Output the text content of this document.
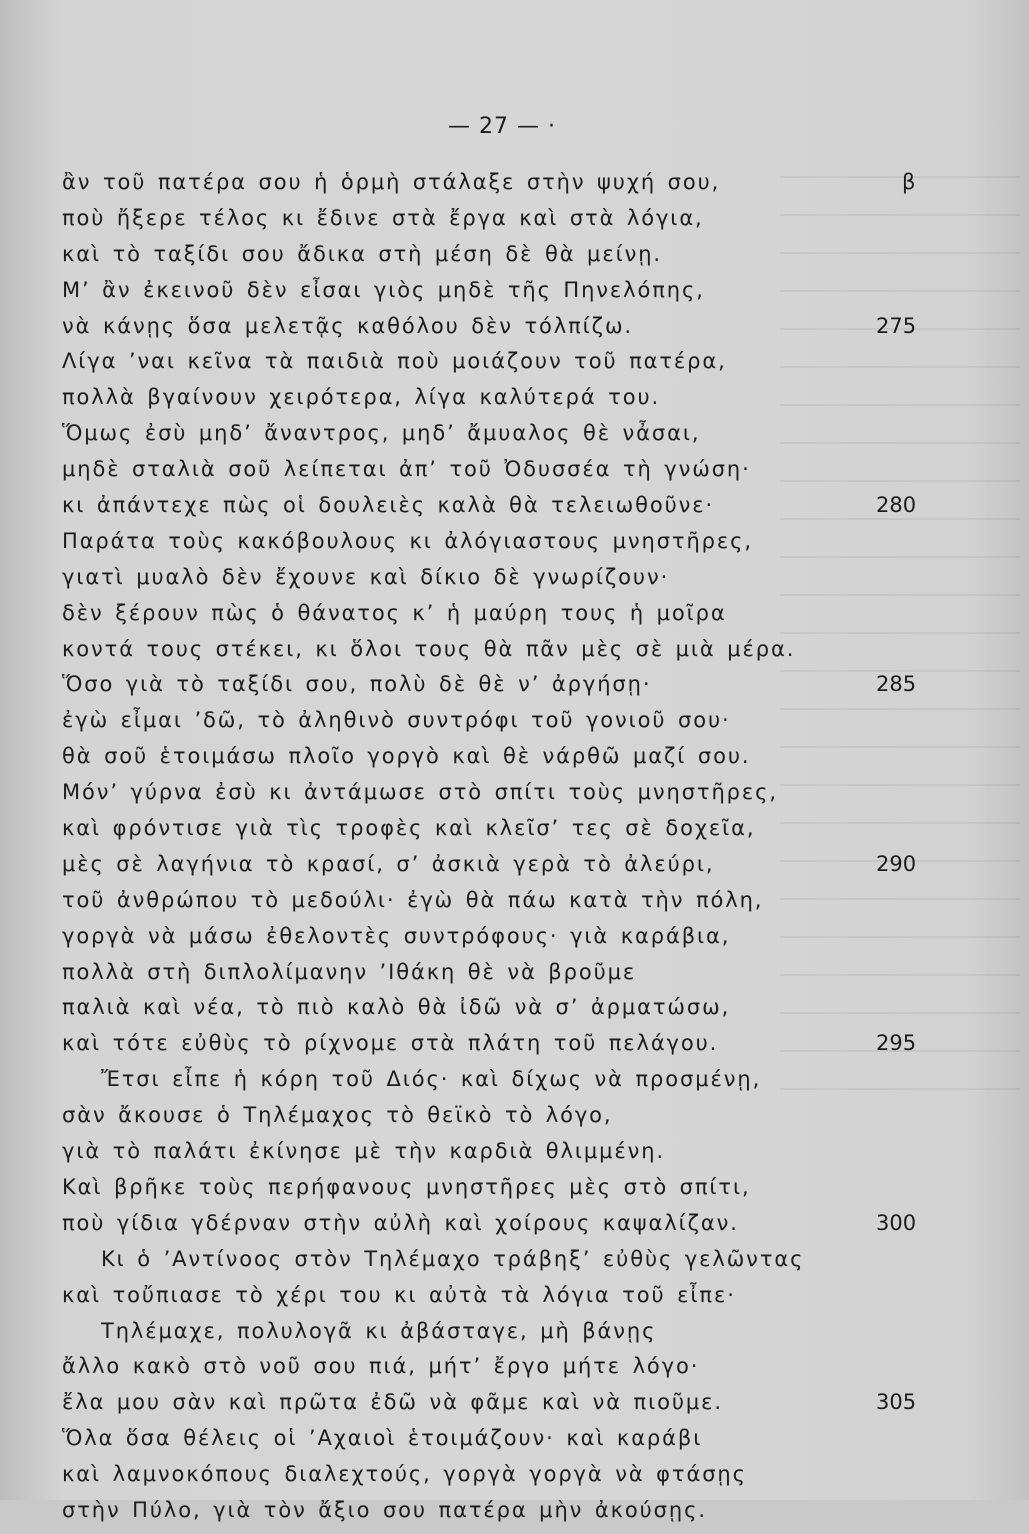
— 27 — ·
ἂν τοῦ πατέρα σου ἡ ὁρμὴ στάλαξε στὴν ψυχή σου,	β
ποὺ ἤξερε τέλος κι ἔδινε στὰ ἔργα καὶ στὰ λόγια,
καὶ τὸ ταξίδι σου ἄδικα στὴ μέση δὲ θὰ μείνῃ.
Μ’ ἂν ἐκεινοῦ δὲν εἶσαι γιὸς μηδὲ τῆς Πηνελόπης,
νὰ κάνῃς ὅσα μελετᾷς καθόλου δὲν τόλπίζω.	275
Λίγα ’ναι κεῖνα τὰ παιδιὰ ποὺ μοιάζουν τοῦ πατέρα,
πολλὰ βγαίνουν χειρότερα, λίγα καλύτερά του.
Ὅμως ἐσὺ μηδ’ ἄναντρος, μηδ’ ἄμυαλος θὲ νἆσαι,
μηδὲ σταλιὰ σοῦ λείπεται ἀπ’ τοῦ Ὀδυσσέα τὴ γνώση·
κι ἀπάντεχε πὼς οἱ δουλειὲς καλὰ θὰ τελειωθοῦνε·	280
Παράτα τοὺς κακόβουλους κι ἀλόγιαστους μνηστῆρες,
γιατὶ μυαλὸ δὲν ἔχουνε καὶ δίκιο δὲ γνωρίζουν·
δὲν ξέρουν πὼς ὁ θάνατος κ’ ἡ μαύρη τους ἡ μοῖρα
κοντά τους στέκει, κι ὅλοι τους θὰ πᾶν μὲς σὲ μιὰ μέρα.
Ὅσο γιὰ τὸ ταξίδι σου, πολὺ δὲ θὲ ν’ ἀργήσῃ·	285
ἐγὼ εἶμαι ’δῶ, τὸ ἀληθινὸ συντρόφι τοῦ γονιοῦ σου·
θὰ σοῦ ἑτοιμάσω πλοῖο γοργὸ καὶ θὲ νάρθῶ μαζί σου.
Μόν’ γύρνα ἐσὺ κι ἀντάμωσε στὸ σπίτι τοὺς μνηστῆρες,
καὶ φρόντισε γιὰ τὶς τροφὲς καὶ κλεῖσ’ τες σὲ δοχεῖα,
μὲς σὲ λαγήνια τὸ κρασί, σ’ ἀσκιὰ γερὰ τὸ ἀλεύρι,	290
τοῦ ἀνθρώπου τὸ μεδούλι· ἐγὼ θὰ πάω κατὰ τὴν πόλη,
γοργὰ νὰ μάσω ἐθελοντὲς συντρόφους· γιὰ καράβια,
πολλὰ στὴ διπλολίμανην ’Ιθάκη θὲ νὰ βροῦμε
παλιὰ καὶ νέα, τὸ πιὸ καλὸ θὰ ἰδῶ νὰ σ’ ἀρματώσω,
καὶ τότε εὐθὺς τὸ ρίχνομε στὰ πλάτη τοῦ πελάγου.	295
Ἔτσι εἶπε ἡ κόρη τοῦ Διός· καὶ δίχως νὰ προσμένῃ,
σὰν ἄκουσε ὁ Τηλέμαχος τὸ θεϊκὸ τὸ λόγο,
γιὰ τὸ παλάτι ἐκίνησε μὲ τὴν καρδιὰ θλιμμένη.
Καὶ βρῆκε τοὺς περήφανους μνηστῆρες μὲς στὸ σπίτι,
ποὺ γίδια γδέρναν στὴν αὐλὴ καὶ χοίρους καψαλίζαν.	300
Κι ὁ ’Αντίνοος στὸν Τηλέμαχο τράβηξ’ εὐθὺς γελῶντας
καὶ τοὔπιασε τὸ χέρι του κι αὐτὰ τὰ λόγια τοῦ εἶπε·
Τηλέμαχε, πολυλογᾶ κι ἀβάσταγε, μὴ βάνῃς
ἄλλο κακὸ στὸ νοῦ σου πιά, μήτ’ ἔργο μήτε λόγο·
ἔλα μου σὰν καὶ πρῶτα ἐδῶ νὰ φᾶμε καὶ νὰ πιοῦμε.	305
Ὅλα ὅσα θέλεις οἱ ’Αχαιοὶ ἑτοιμάζουν· καὶ καράβι
καὶ λαμνοκόπους διαλεχτούς, γοργὰ γοργὰ νὰ φτάσῃς
στὴν Πύλο, γιὰ τὸν ἄξιο σου πατέρα μὴν ἀκούσῃς.
